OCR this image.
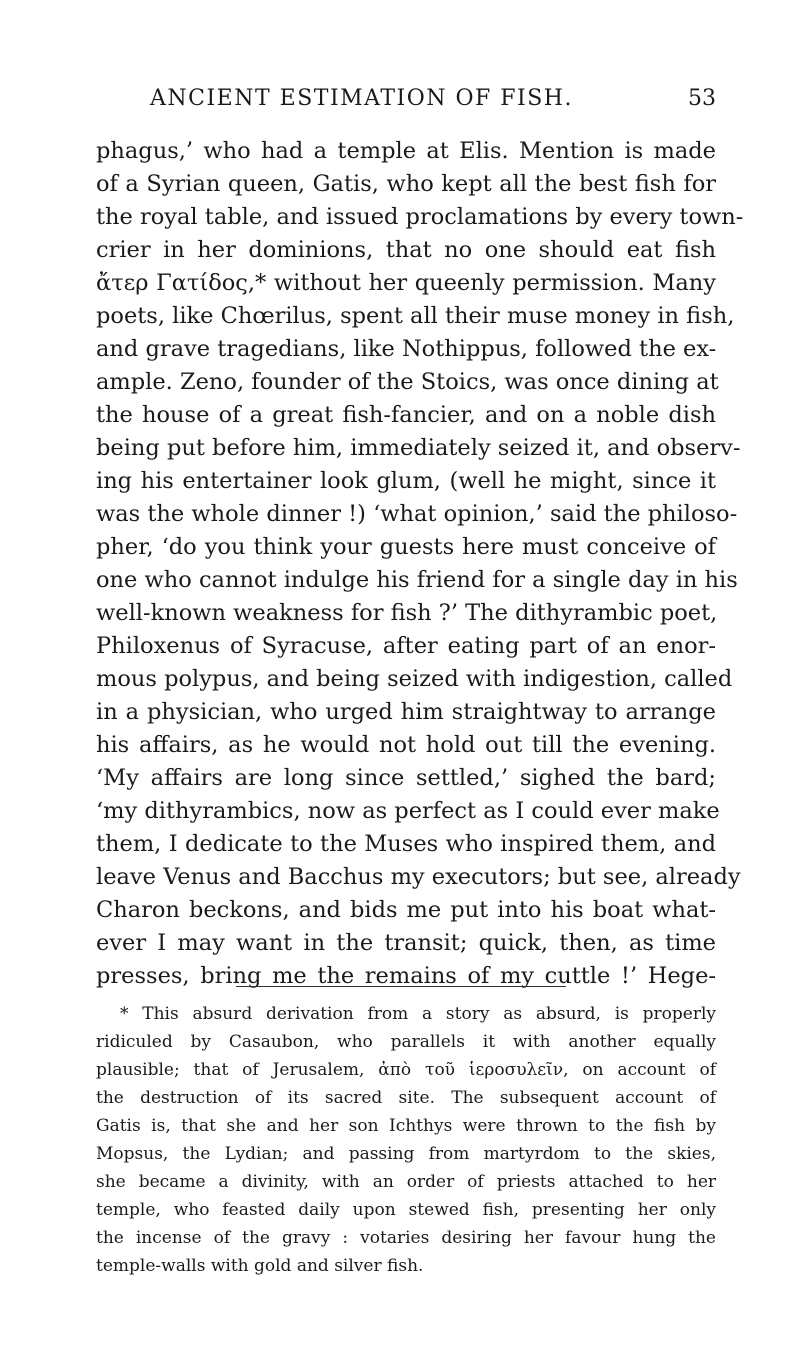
ANCIENT ESTIMATION OF FISH.	53
phagus,’ who had a temple at Elis. Mention is made
of a Syrian queen, Gatis, who kept all the best fish for
the royal table, and issued proclamations by every town-
crier in her dominions, that no one should eat fish
ἄτερ Γατίδος,* without her queenly permission. Many
poets, like Chœrilus, spent all their muse money in fish,
and grave tragedians, like Nothippus, followed the ex-
ample. Zeno, founder of the Stoics, was once dining at
the house of a great fish-fancier, and on a noble dish
being put before him, immediately seized it, and observ-
ing his entertainer look glum, (well he might, since it
was the whole dinner !) ‘what opinion,’ said the philoso-
pher, ‘do you think your guests here must conceive of
one who cannot indulge his friend for a single day in his
well-known weakness for fish ?’ The dithyrambic poet,
Philoxenus of Syracuse, after eating part of an enor-
mous polypus, and being seized with indigestion, called
in a physician, who urged him straightway to arrange
his affairs, as he would not hold out till the evening.
‘My affairs are long since settled,’ sighed the bard;
‘my dithyrambics, now as perfect as I could ever make
them, I dedicate to the Muses who inspired them, and
leave Venus and Bacchus my executors; but see, already
Charon beckons, and bids me put into his boat what-
ever I may want in the transit; quick, then, as time
presses, bring me the remains of my cuttle !’ Hege-
* This absurd derivation from a story as absurd, is properly
ridiculed by Casaubon, who parallels it with another equally
plausible; that of Jerusalem, ἀπὸ τοῦ ἱεροσυλεῖν, on account of
the destruction of its sacred site. The subsequent account of
Gatis is, that she and her son Ichthys were thrown to the fish by
Mopsus, the Lydian; and passing from martyrdom to the skies,
she became a divinity, with an order of priests attached to her
temple, who feasted daily upon stewed fish, presenting her only
the incense of the gravy : votaries desiring her favour hung the
temple-walls with gold and silver fish.
